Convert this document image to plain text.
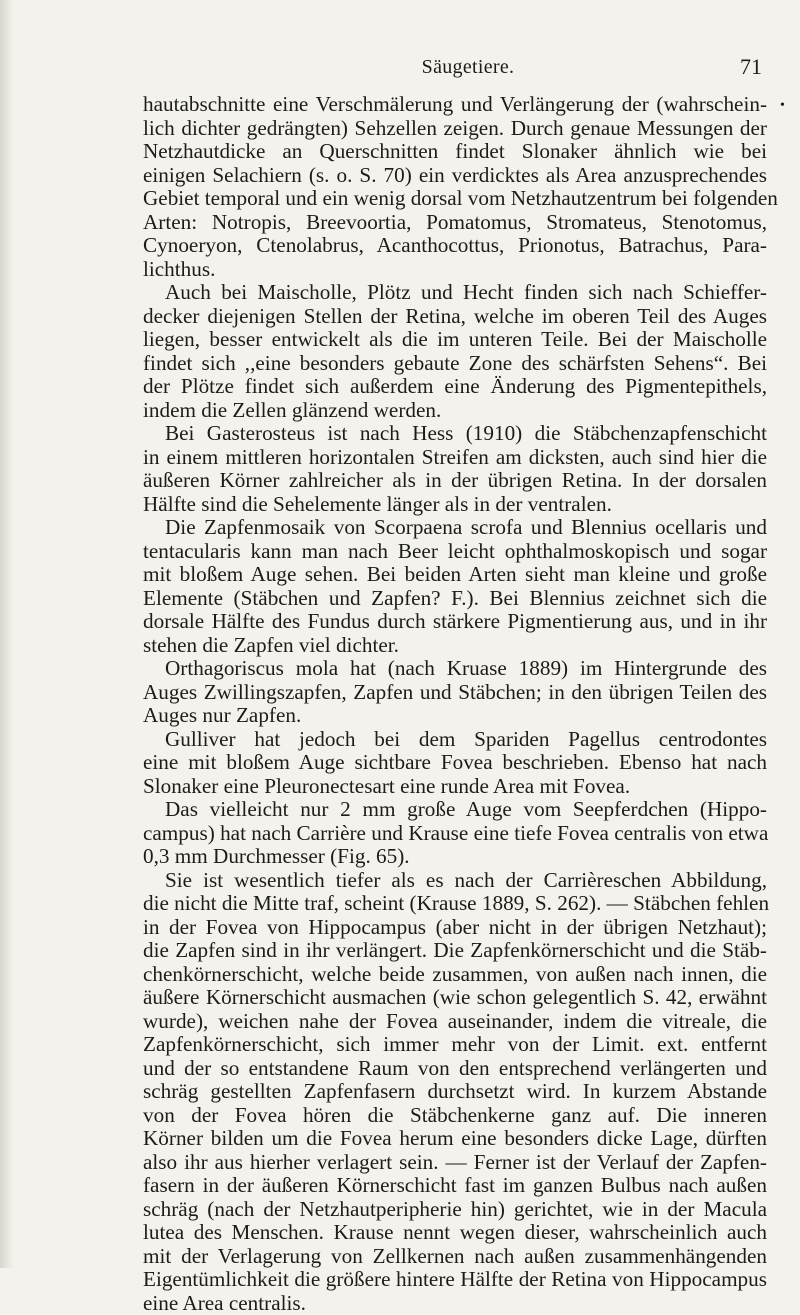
Säugetiere.	71
•
hautabschnitte eine Verschmälerung und Verlängerung der (wahrschein-
lich dichter gedrängten) Sehzellen zeigen. Durch genaue Messungen der
Netzhautdicke an Querschnitten findet Slonaker ähnlich wie bei
einigen Selachiern (s. o. S. 70) ein verdicktes als Area anzusprechendes
Gebiet temporal und ein wenig dorsal vom Netzhautzentrum bei folgenden
Arten: Notropis, Breevoortia, Pomatomus, Stromateus, Stenotomus,
Cynoeryon, Ctenolabrus, Acanthocottus, Prionotus, Batrachus, Para-
lichthus.
Auch bei Maischolle, Plötz und Hecht finden sich nach Schieffer-
decker diejenigen Stellen der Retina, welche im oberen Teil des Auges
liegen, besser entwickelt als die im unteren Teile. Bei der Maischolle
findet sich ,,eine besonders gebaute Zone des schärfsten Sehens“. Bei
der Plötze findet sich außerdem eine Änderung des Pigmentepithels,
indem die Zellen glänzend werden.
Bei Gasterosteus ist nach Hess (1910) die Stäbchenzapfenschicht
in einem mittleren horizontalen Streifen am dicksten, auch sind hier die
äußeren Körner zahlreicher als in der übrigen Retina. In der dorsalen
Hälfte sind die Sehelemente länger als in der ventralen.
Die Zapfenmosaik von Scorpaena scrofa und Blennius ocellaris und
tentacularis kann man nach Beer leicht ophthalmoskopisch und sogar
mit bloßem Auge sehen. Bei beiden Arten sieht man kleine und große
Elemente (Stäbchen und Zapfen? F.). Bei Blennius zeichnet sich die
dorsale Hälfte des Fundus durch stärkere Pigmentierung aus, und in ihr
stehen die Zapfen viel dichter.
Orthagoriscus mola hat (nach Kruase 1889) im Hintergrunde des
Auges Zwillingszapfen, Zapfen und Stäbchen; in den übrigen Teilen des
Auges nur Zapfen.
Gulliver hat jedoch bei dem Spariden Pagellus centrodontes
eine mit bloßem Auge sichtbare Fovea beschrieben. Ebenso hat nach
Slonaker eine Pleuronectesart eine runde Area mit Fovea.
Das vielleicht nur 2 mm große Auge vom Seepferdchen (Hippo-
campus) hat nach Carrière und Krause eine tiefe Fovea centralis von etwa
0,3 mm Durchmesser (Fig. 65).
Sie ist wesentlich tiefer als es nach der Carrièreschen Abbildung,
die nicht die Mitte traf, scheint (Krause 1889, S. 262). — Stäbchen fehlen
in der Fovea von Hippocampus (aber nicht in der übrigen Netzhaut);
die Zapfen sind in ihr verlängert. Die Zapfenkörnerschicht und die Stäb-
chenkörnerschicht, welche beide zusammen, von außen nach innen, die
äußere Körnerschicht ausmachen (wie schon gelegentlich S. 42, erwähnt
wurde), weichen nahe der Fovea auseinander, indem die vitreale, die
Zapfenkörnerschicht, sich immer mehr von der Limit. ext. entfernt
und der so entstandene Raum von den entsprechend verlängerten und
schräg gestellten Zapfenfasern durchsetzt wird. In kurzem Abstande
von der Fovea hören die Stäbchenkerne ganz auf. Die inneren
Körner bilden um die Fovea herum eine besonders dicke Lage, dürften
also ihr aus hierher verlagert sein. — Ferner ist der Verlauf der Zapfen-
fasern in der äußeren Körnerschicht fast im ganzen Bulbus nach außen
schräg (nach der Netzhautperipherie hin) gerichtet, wie in der Macula
lutea des Menschen. Krause nennt wegen dieser, wahrscheinlich auch
mit der Verlagerung von Zellkernen nach außen zusammenhängenden
Eigentümlichkeit die größere hintere Hälfte der Retina von Hippocampus
eine Area centralis.
